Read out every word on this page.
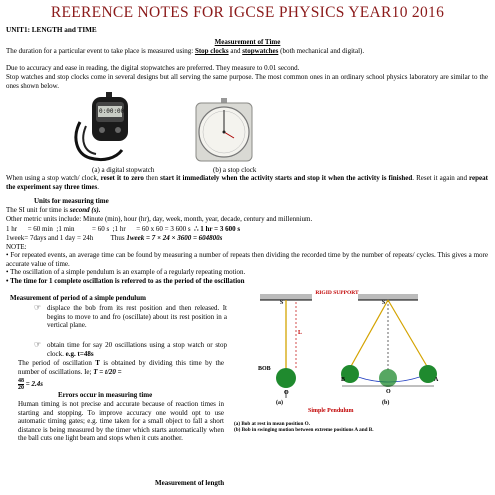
REERENCE NOTES FOR IGCSE PHYSICS YEAR10 2016
UNIT1: LENGTH and TIME
Measurement of Time
The duration for a particular event to take place is measured using: Stop clocks and stopwatches (both mechanical and digital).
Due to accuracy and ease in reading, the digital stopwatches are preferred. They measure to 0.01 second.
Stop watches and stop clocks come in several designs but all serving the same purpose. The most common ones in an ordinary school physics laboratory are similar to the ones shown below.
0:00:00
(a) a digital stopwatch	(b) a stop clock
When using a stop watch/ clock, reset it to zero then start it immediately when the activity starts and stop it when the activity is finished. Reset it again and repeat the experiment say three times.
Units for measuring time
The SI unit for time is second (s).
Other metric units include: Minute (min), hour (hr), day, week, month, year, decade, century and millennium.
1 hr      = 60 min  ;1 min          = 60 s  ;1 hr      = 60 x 60 = 3 600 s  ∴ 1 hr = 3 600 s
1week= 7days and 1 day = 24h          Thus 1week = 7 × 24 × 3600 = 604800s
NOTE:
• For repeated events, an average time can be found by measuring a number of repeats then dividing the recorded time by the number of repeats/ cycles. This gives a more accurate value of time.
• The oscillation of a simple pendulum is an example of a regularly repeating motion.
• The time for 1 complete oscillation is referred to as the period of the oscillation
Measurement of period of a simple pendulum
☞ displace the bob from its rest position and then released. It begins to move to and fro (oscillate) about its rest position in a vertical plane.
☞ obtain time for say 20 oscillations using a stop watch or stop clock. e.g. t=48s
The period of oscillation T is obtained by dividing this time by the number of oscillations. Ie; T = t/20 =
$\frac{48}{20} = 2.4s$
Errors occur in measuring time
Human timing is not precise and accurate because of reaction times in starting and stopping. To improve accuracy one would opt to use automatic timing gates; e.g. time taken for a small object to fall a short distance is being measured by the timer which starts automatically when the ball cuts one light beam and stops when it cuts another.
RIGID SUPPORT
S
L
BOB
O
S
B	A
O
(a)	(b)
Simple Pendulum
(a) Bob at rest in mean position O.
(b) Bob in swinging motion between extreme positions A and B.
Measurement of length
